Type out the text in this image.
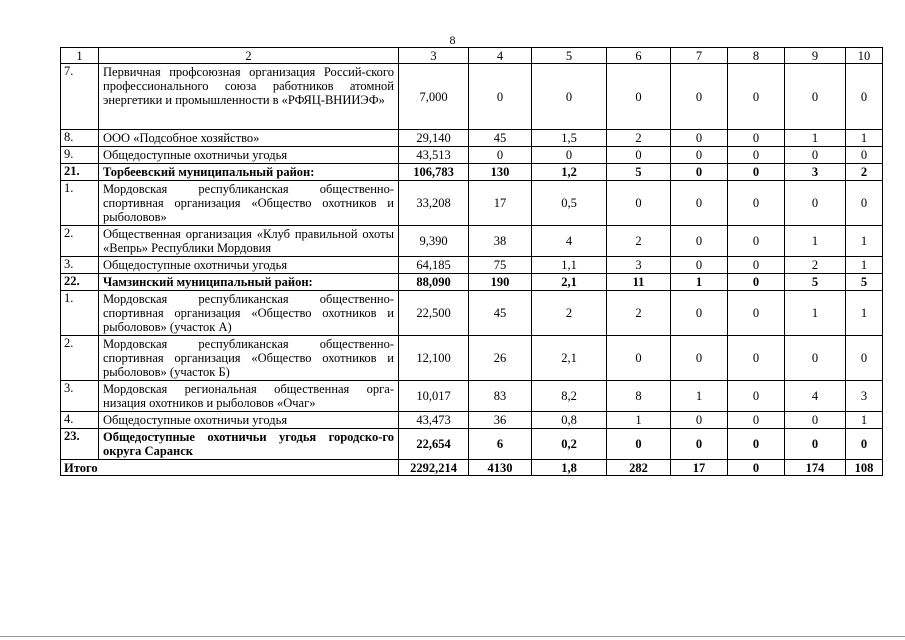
8
1	2	3	4	5	6	7	8	9	10
7.	Первичная профсоюзная организация Россий-ского профессионального союза работников атомной энергетики и промышленности в «РФЯЦ-ВНИИЭФ»	7,000	0	0	0	0	0	0	0
8.	ООО «Подсобное хозяйство»	29,140	45	1,5	2	0	0	1	1
9.	Общедоступные охотничьи угодья	43,513	0	0	0	0	0	0	0
21.	Торбеевский муниципальный район:	106,783	130	1,2	5	0	0	3	2
1.	Мордовская республиканская общественно-спортивная организация «Общество охотников и рыболовов»	33,208	17	0,5	0	0	0	0	0
2.	Общественная организация «Клуб правильной охоты «Вепрь» Республики Мордовия	9,390	38	4	2	0	0	1	1
3.	Общедоступные охотничьи угодья	64,185	75	1,1	3	0	0	2	1
22.	Чамзинский муниципальный район:	88,090	190	2,1	11	1	0	5	5
1.	Мордовская республиканская общественно-спортивная организация «Общество охотников и рыболовов» (участок А)	22,500	45	2	2	0	0	1	1
2.	Мордовская республиканская общественно-спортивная организация «Общество охотников и рыболовов» (участок Б)	12,100	26	2,1	0	0	0	0	0
3.	Мордовская региональная общественная орга-низация охотников и рыболовов «Очаг»	10,017	83	8,2	8	1	0	4	3
4.	Общедоступные охотничьи угодья	43,473	36	0,8	1	0	0	0	1
23.	Общедоступные охотничьи угодья городско-го округа Саранск	22,654	6	0,2	0	0	0	0	0
Итого		2292,214	4130	1,8	282	17	0	174	108
